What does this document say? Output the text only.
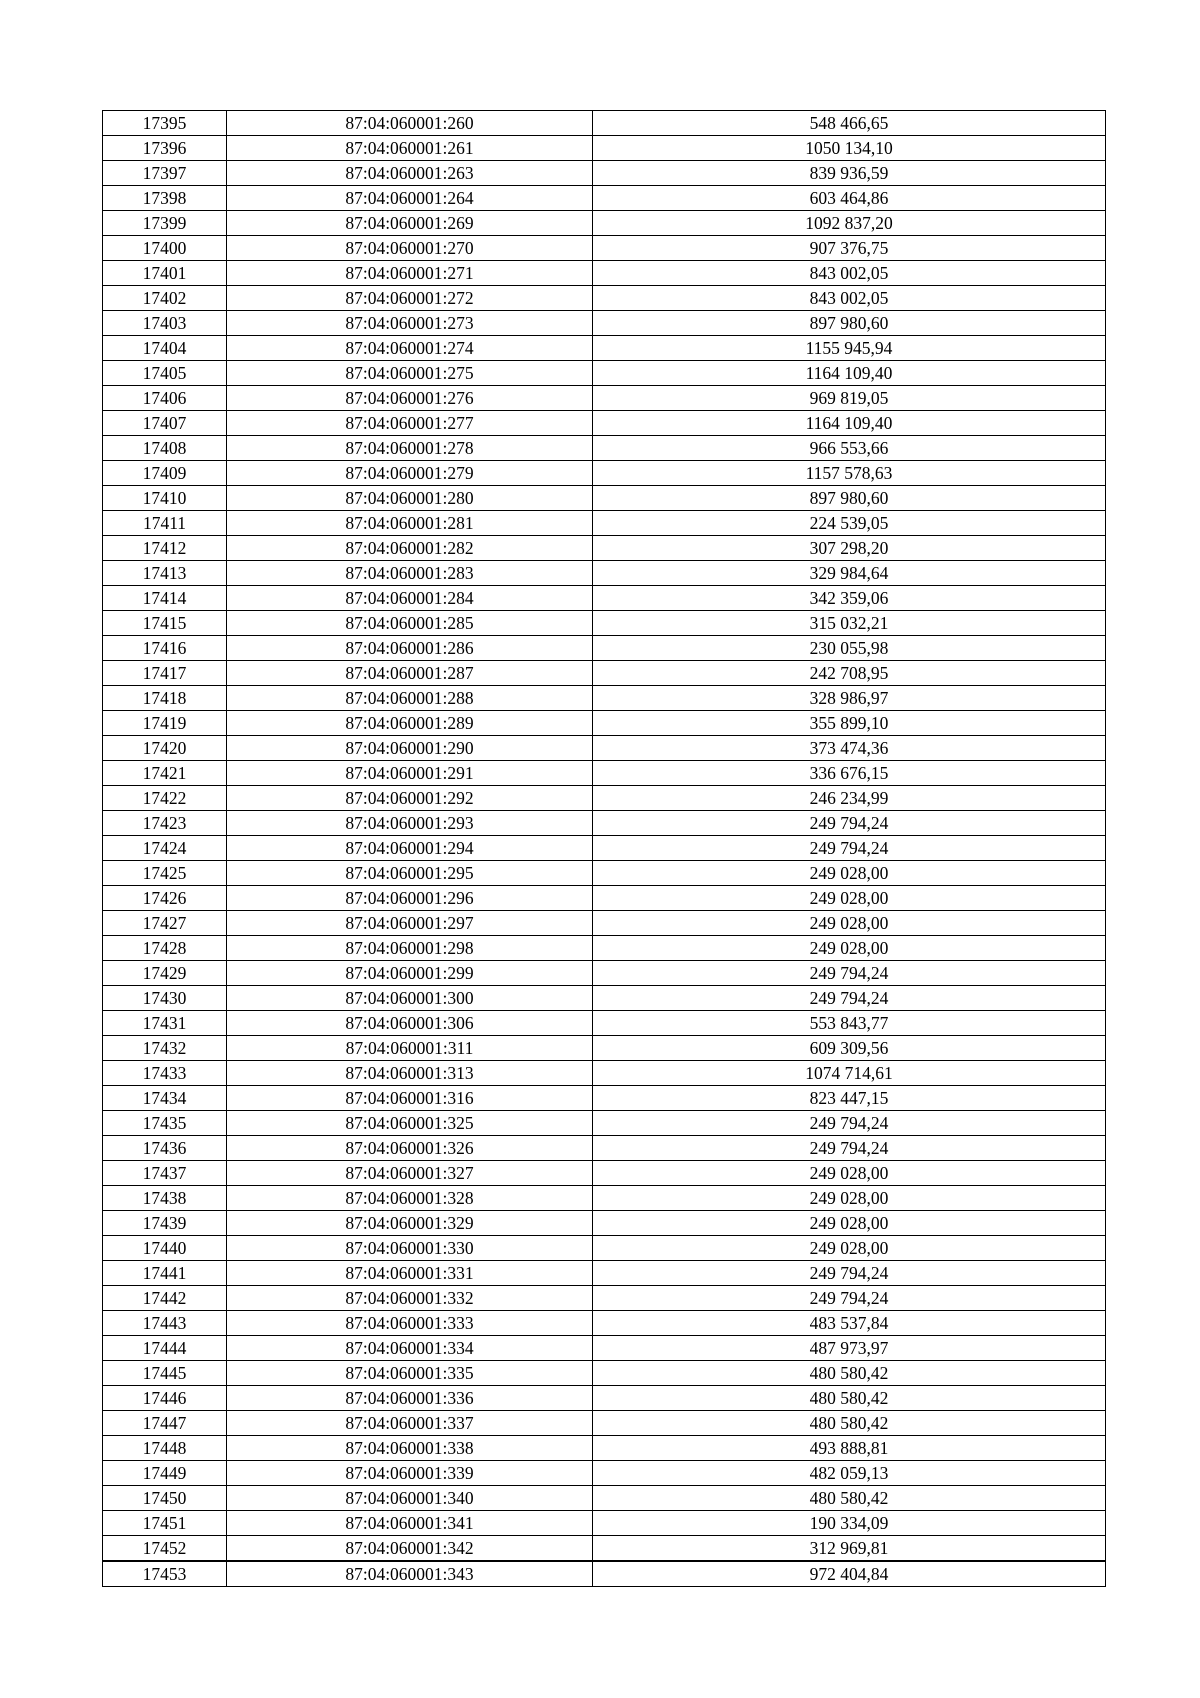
17395	87:04:060001:260	548 466,65
17396	87:04:060001:261	1050 134,10
17397	87:04:060001:263	839 936,59
17398	87:04:060001:264	603 464,86
17399	87:04:060001:269	1092 837,20
17400	87:04:060001:270	907 376,75
17401	87:04:060001:271	843 002,05
17402	87:04:060001:272	843 002,05
17403	87:04:060001:273	897 980,60
17404	87:04:060001:274	1155 945,94
17405	87:04:060001:275	1164 109,40
17406	87:04:060001:276	969 819,05
17407	87:04:060001:277	1164 109,40
17408	87:04:060001:278	966 553,66
17409	87:04:060001:279	1157 578,63
17410	87:04:060001:280	897 980,60
17411	87:04:060001:281	224 539,05
17412	87:04:060001:282	307 298,20
17413	87:04:060001:283	329 984,64
17414	87:04:060001:284	342 359,06
17415	87:04:060001:285	315 032,21
17416	87:04:060001:286	230 055,98
17417	87:04:060001:287	242 708,95
17418	87:04:060001:288	328 986,97
17419	87:04:060001:289	355 899,10
17420	87:04:060001:290	373 474,36
17421	87:04:060001:291	336 676,15
17422	87:04:060001:292	246 234,99
17423	87:04:060001:293	249 794,24
17424	87:04:060001:294	249 794,24
17425	87:04:060001:295	249 028,00
17426	87:04:060001:296	249 028,00
17427	87:04:060001:297	249 028,00
17428	87:04:060001:298	249 028,00
17429	87:04:060001:299	249 794,24
17430	87:04:060001:300	249 794,24
17431	87:04:060001:306	553 843,77
17432	87:04:060001:311	609 309,56
17433	87:04:060001:313	1074 714,61
17434	87:04:060001:316	823 447,15
17435	87:04:060001:325	249 794,24
17436	87:04:060001:326	249 794,24
17437	87:04:060001:327	249 028,00
17438	87:04:060001:328	249 028,00
17439	87:04:060001:329	249 028,00
17440	87:04:060001:330	249 028,00
17441	87:04:060001:331	249 794,24
17442	87:04:060001:332	249 794,24
17443	87:04:060001:333	483 537,84
17444	87:04:060001:334	487 973,97
17445	87:04:060001:335	480 580,42
17446	87:04:060001:336	480 580,42
17447	87:04:060001:337	480 580,42
17448	87:04:060001:338	493 888,81
17449	87:04:060001:339	482 059,13
17450	87:04:060001:340	480 580,42
17451	87:04:060001:341	190 334,09
17452	87:04:060001:342	312 969,81
17453	87:04:060001:343	972 404,84
